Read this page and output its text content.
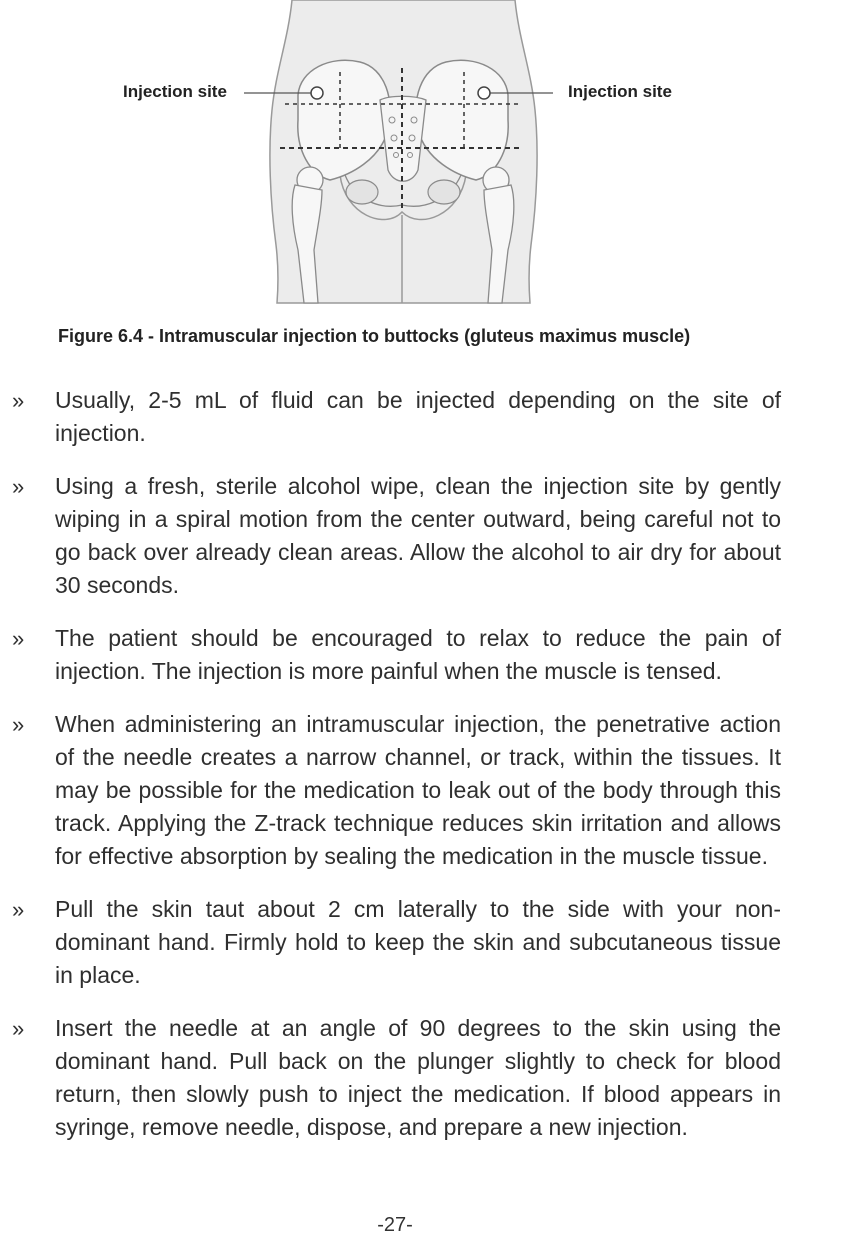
Injection site	Injection site
Figure 6.4 - Intramuscular injection to buttocks (gluteus maximus muscle)
» Usually, 2-5 mL of fluid can be injected depending on the site of injection.
» Using a fresh, sterile alcohol wipe, clean the injection site by gently wiping in a spiral motion from the center outward, being careful not to go back over already clean areas. Allow the alcohol to air dry for about 30 seconds.
» The patient should be encouraged to relax to reduce the pain of injection. The injection is more painful when the muscle is tensed.
» When administering an intramuscular injection, the penetrative action of the needle creates a narrow channel, or track, within the tissues. It may be possible for the medication to leak out of the body through this track. Applying the Z-track technique reduces skin irritation and allows for effective absorption by sealing the medication in the muscle tissue.
» Pull the skin taut about 2 cm laterally to the side with your non-dominant hand. Firmly hold to keep the skin and subcutaneous tissue in place.
» Insert the needle at an angle of 90 degrees to the skin using the dominant hand. Pull back on the plunger slightly to check for blood return, then slowly push to inject the medication. If blood appears in syringe, remove needle, dispose, and prepare a new injection.
-27-
